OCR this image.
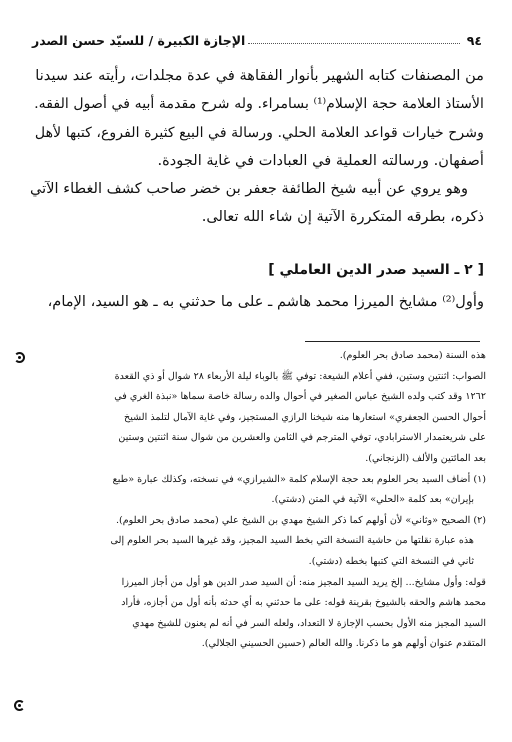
٩٤
الإجازة الكبيرة / للسيّد حسن الصدر

من المصنفات كتابه الشهير بأنوار الفقاهة في عدة مجلدات، رأيته عند سيدنا

الأستاذ العلامة حجة الإسلام⁽¹⁾ بسامراء. وله شرح مقدمة أبيه في أصول الفقه.

وشرح خيارات قواعد العلامة الحلي. ورسالة في البيع كثيرة الفروع، كتبها لأهل

أصفهان. ورسالته العملية في العبادات في غاية الجودة.

وهو يروي عن أبيه شيخ الطائفة جعفر بن خضر صاحب كشف الغطاء الآتي

ذكره، بطرقه المتكررة الآتية إن شاء الله تعالى.

[ ٢ ـ السيد صدر الدين العاملي ]
وأول⁽²⁾ مشايخ الميرزا محمد هاشم ـ على ما حدثني به ـ هو السيد، الإمام،

هذه السنة (محمد صادق بحر العلوم).

الصواب: اثنتين وستين، ففي أعلام الشيعة: توفي ﷺ بالوباء ليلة الأربعاء ٢٨ شوال أو ذي القعدة

١٢٦٢ وقد كتب ولده الشيخ عباس الصغير في أحوال والده رسالة خاصة سماها «نبذة الغري في

أحوال الحسن الجعفري» استعارها منه شيخنا الرازي المستجيز، وفي غاية الآمال لتلمذ الشيخ

على شريعتمدار الاسترابادي، توفي المترجم في الثامن والعشرين من شوال سنة اثنتين وستين

بعد المائتين والألف (الزنجاني).

(١) أضاف السيد بحر العلوم بعد حجة الإسلام كلمة «الشيرازي» في نسخته، وكذلك عبارة «طبع

بإيران» بعد كلمة «الحلي» الآتية في المتن (دشتي).

(٢) الصحيح «وثاني» لأن أولهم كما ذكر الشيخ مهدي بن الشيخ علي (محمد صادق بحر العلوم).

هذه عبارة نقلتها من حاشية النسخة التي بخط السيد المجيز، وقد غيرها السيد بحر العلوم إلى

ثاني في النسخة التي كتبها بخطه (دشتي).

قوله: وأول مشايخ... إلخ يريد السيد المجيز منه: أن السيد صدر الدين هو أول من أجاز الميرزا

محمد هاشم والحقه بالشيوخ بقرينة قوله: على ما حدثني به أي حدثه بأنه أول من أجازه، فأراد

السيد المجيز منه الأول بحسب الإجازة لا التعداد، ولعله السر في أنه لم يعنون للشيخ مهدي

المتقدم عنوان أولهم هو ما ذكرنا. والله العالم (حسين الحسيني الجلالي).
